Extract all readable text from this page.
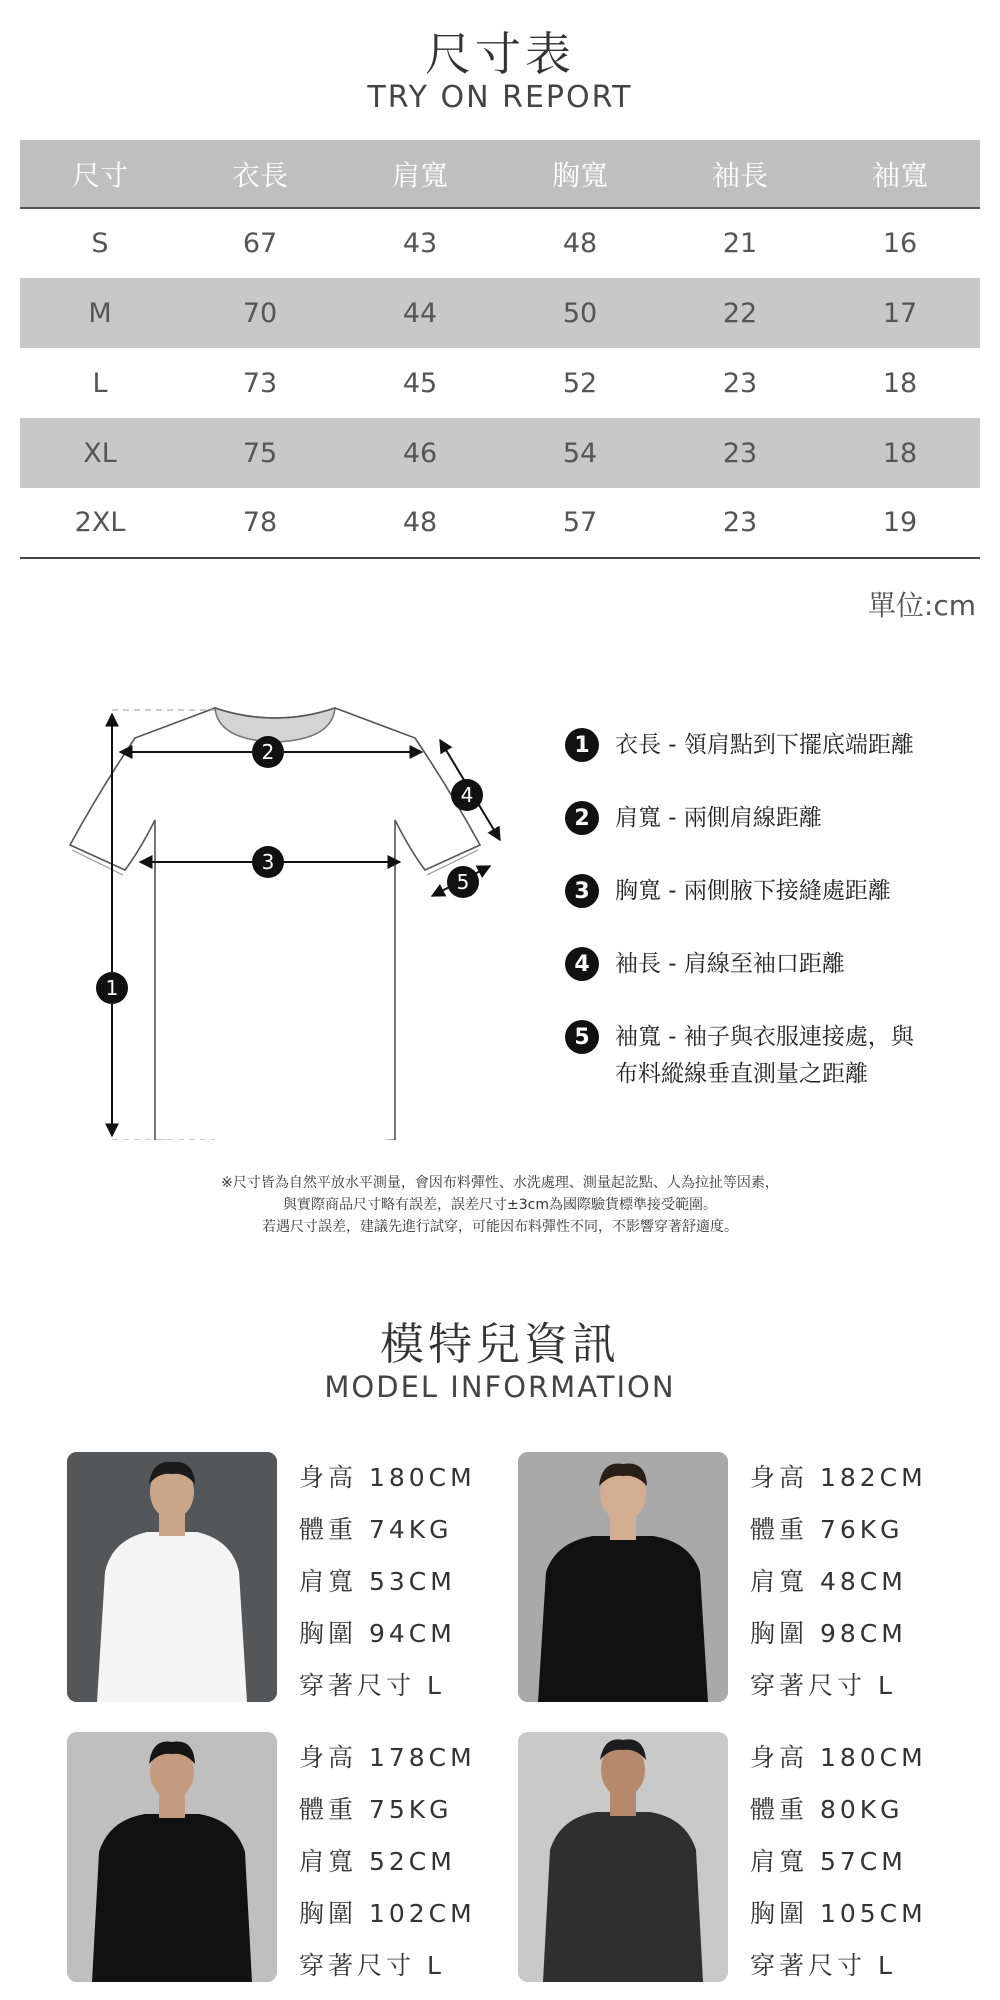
尺寸表
TRY ON REPORT
尺寸	衣長	肩寬	胸寬	袖長	袖寬
S	67	43	48	21	16
M	70	44	50	22	17
L	73	45	52	23	18
XL	75	46	54	23	18
2XL	78	48	57	23	19
單位:cm
1
2
3
4
5
1	衣長 - 領肩點到下擺底端距離
2	肩寬 - 兩側肩線距離
3	胸寬 - 兩側腋下接縫處距離
4	袖長 - 肩線至袖口距離
5	袖寬 - 袖子與衣服連接處，與
布料縱線垂直測量之距離
※尺寸皆為自然平放水平測量，會因布料彈性、水洗處理、測量起訖點、人為拉扯等因素，
與實際商品尺寸略有誤差，誤差尺寸±3cm為國際驗貨標準接受範圍。
若遇尺寸誤差，建議先進行試穿，可能因布料彈性不同，不影響穿著舒適度。
模特兒資訊
MODEL INFORMATION
身高 180CM
體重 74KG
肩寬 53CM
胸圍 94CM
穿著尺寸 L
身高 182CM
體重 76KG
肩寬 48CM
胸圍 98CM
穿著尺寸 L
身高 178CM
體重 75KG
肩寬 52CM
胸圍 102CM
穿著尺寸 L
身高 180CM
體重 80KG
肩寬 57CM
胸圍 105CM
穿著尺寸 L
